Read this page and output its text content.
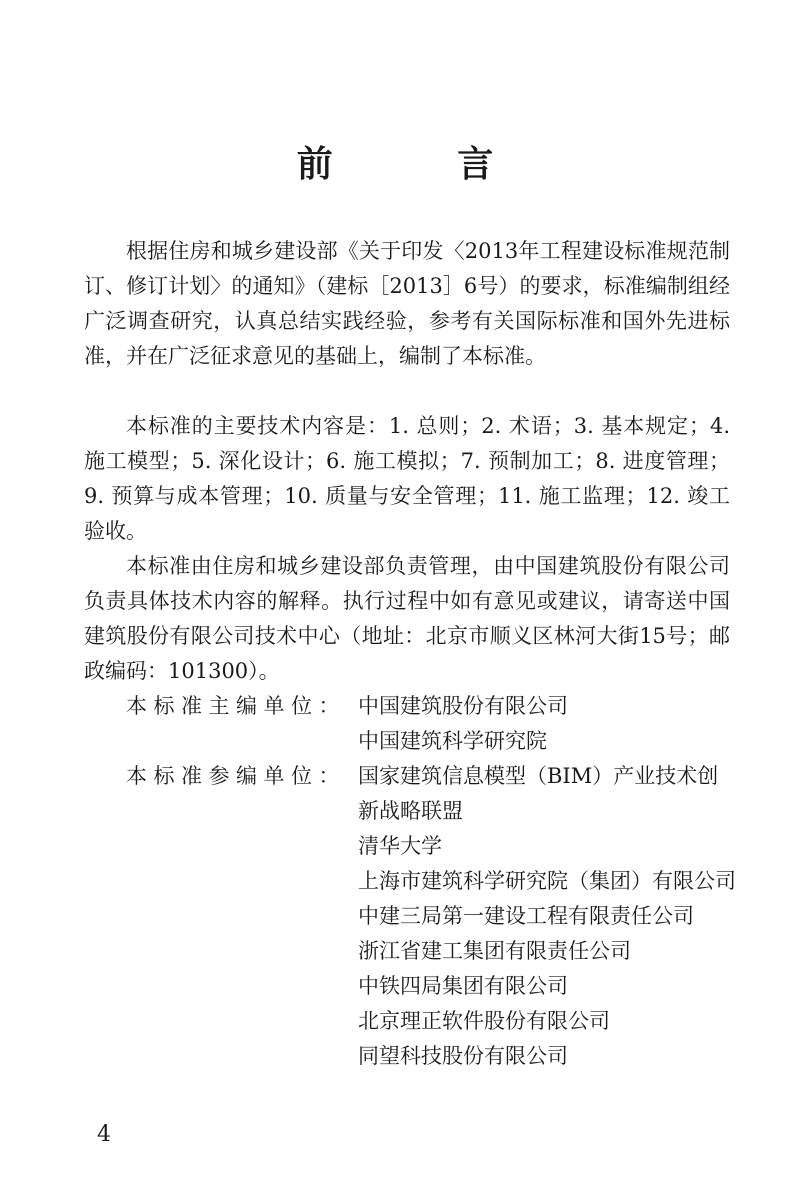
前 言

根据住房和城乡建设部《关于印发〈2013年工程建设标准规范制订、修订计划〉的通知》（建标［2013］6号）的要求，标准编制组经广泛调查研究，认真总结实践经验，参考有关国际标准和国外先进标准，并在广泛征求意见的基础上，编制了本标准。

本标准的主要技术内容是：1. 总则；2. 术语；3. 基本规定；4. 施工模型；5. 深化设计；6. 施工模拟；7. 预制加工；8. 进度管理；9. 预算与成本管理；10. 质量与安全管理；11. 施工监理；12. 竣工验收。

本标准由住房和城乡建设部负责管理，由中国建筑股份有限公司负责具体技术内容的解释。执行过程中如有意见或建议，请寄送中国建筑股份有限公司技术中心（地址：北京市顺义区林河大街15号；邮政编码：101300）。

本标准主编单位： 中国建筑股份有限公司
中国建筑科学研究院
本标准参编单位： 国家建筑信息模型（BIM）产业技术创新战略联盟
清华大学
上海市建筑科学研究院（集团）有限公司
中建三局第一建设工程有限责任公司
浙江省建工集团有限责任公司
中铁四局集团有限公司
北京理正软件股份有限公司
同望科技股份有限公司
4
